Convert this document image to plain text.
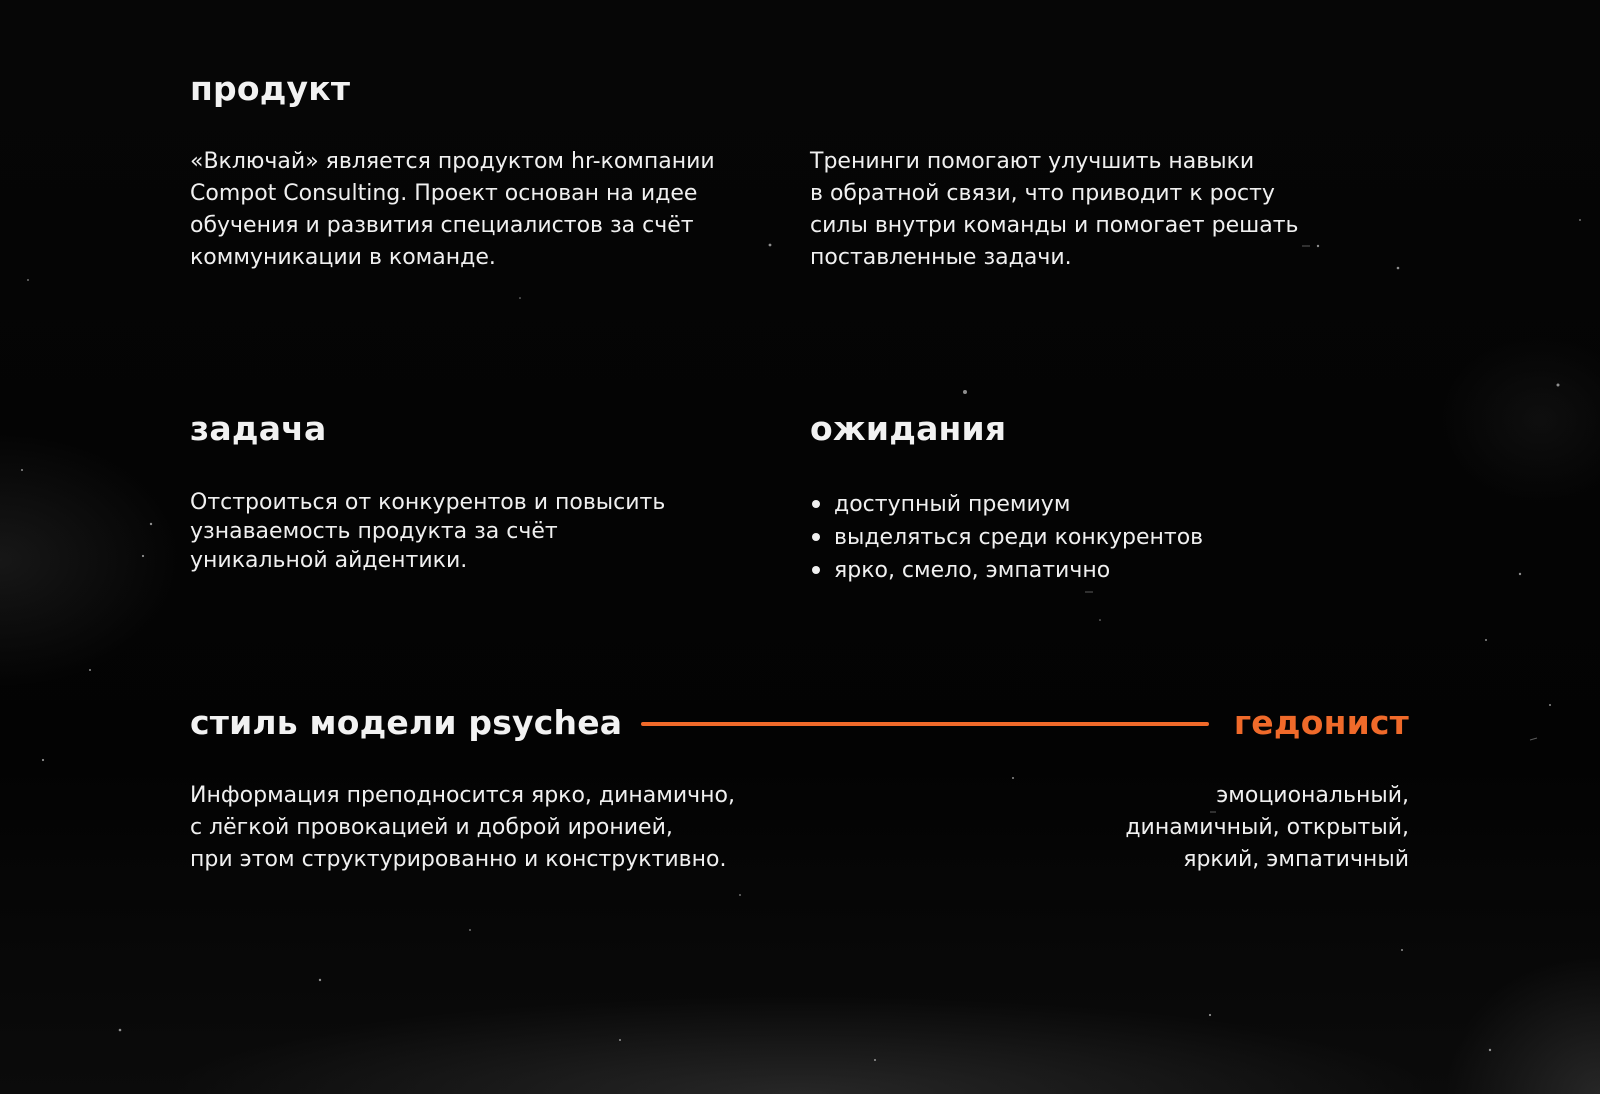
продукт

«Включай» является продуктом hr-компании
Compot Consulting. Проект основан на идее
обучения и развития специалистов за счёт
коммуникации в команде.

Тренинги помогают улучшить навыки
в обратной связи, что приводит к росту
силы внутри команды и помогает решать
поставленные задачи.

задача

Отстроиться от конкурентов и повысить
узнаваемость продукта за счёт
уникальной айдентики.

ожидания
доступный премиум
выделяться среди конкурентов
ярко, смело, эмпатично
стиль модели psychea	гедонист

Информация преподносится ярко, динамично,
с лёгкой провокацией и доброй иронией,
при этом структурированно и конструктивно.

эмоциональный,
динамичный, открытый,
яркий, эмпатичный
